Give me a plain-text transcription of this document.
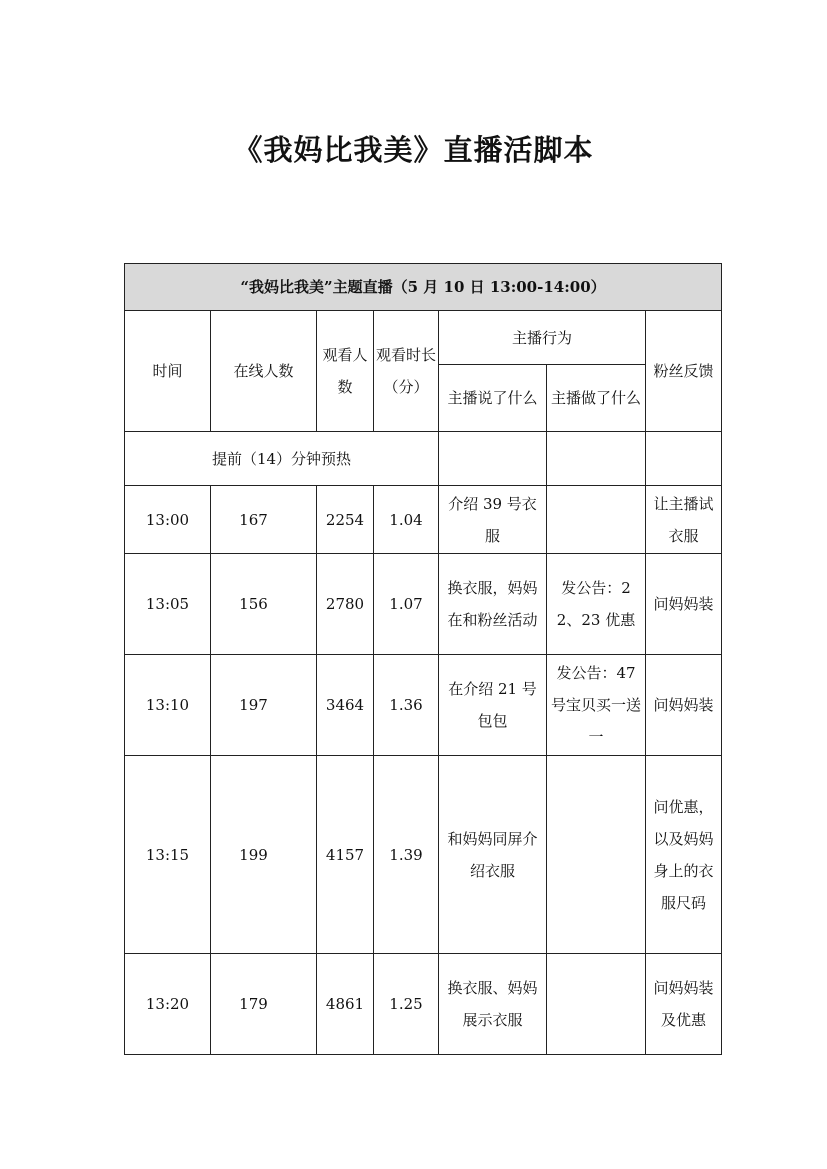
《我妈比我美》直播活脚本
“我妈比我美”主题直播（5 月 10 日 13:00-14:00）						
时间	在线人数	观看人数	观看时长（分）	主播行为		粉丝反馈
				主播说了什么	主播做了什么	
提前（14）分钟预热						
13:00	167	2254	1.04	介绍 39 号衣服		让主播试衣服
13:05	156	2780	1.07	换衣服，妈妈在和粉丝活动	发公告：22、23 优惠	问妈妈装
13:10	197	3464	1.36	在介绍 21 号包包	发公告：47 号宝贝买一送一	问妈妈装
13:15	199	4157	1.39	和妈妈同屏介绍衣服		问优惠，以及妈妈身上的衣服尺码
13:20	179	4861	1.25	换衣服、妈妈展示衣服		问妈妈装及优惠
